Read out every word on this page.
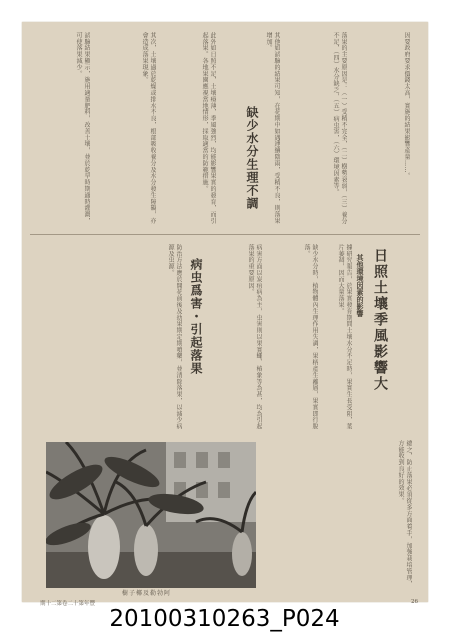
因要政府要求價錢太高，實施的結果影響產量……。
落果的主要原因是：（一）受精不完全，（二）樹勢衰弱，（三）養分不足，（四）水分缺乏，（五）病虫害，（六）環境因素等。
其他如試驗的結果可知，在花期中如遇連續陰雨，受精不良，則落果增加。
此外如日照不足，土壤瘠薄，季風強烈，均能影響果實的發育，而引起落果。各地果園應視當地情形，採取適當的防範措施。	缺少水分生理不調
其次，土壤過於乾燥或排水不良，根部吸收養分及水分發生障礙，亦會造成落果現象。
試驗結果顯示，施用適量肥料，改善土壤，並於乾旱時期適時灌溉，可使落果減少。
日照土壤季風影響大
其他環境因素的影響
據研究報告，於果實發育期間土壤水分不足時，果實生長受阻，葉片萎凋，因而大量落果。
缺少水分時，植物體內生理作用失調，果柄產生離層，果實即行脫落。
病虫爲害・引起落果	病害方面以炭疽病為主，虫害則以果實蠅、椿象等為甚，均為引起落果的重要原因。
防治方法應於開花前後及幼果期定期噴藥，並清除落果，以減少病源及虫源。
總之，防止落果必須從多方面着手，加強栽培管理，方能收到良好的效果。
阿勃勒及椰子樹
豐年第十二卷第二十期	26
20100310263_P024
